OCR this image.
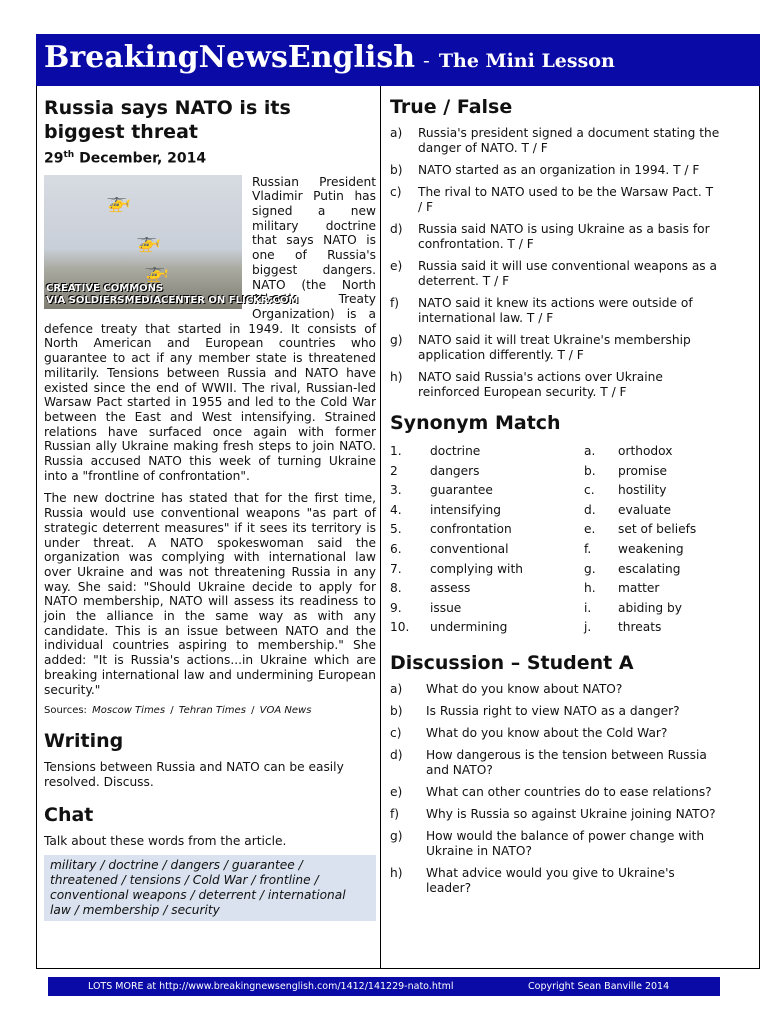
BreakingNewsEnglish - The Mini Lesson
Russia says NATO is its biggest threat
29th December, 2014
🚁
🚁
🚁
CREATIVE COMMONS
VIA SOLDIERSMEDIACENTER ON FLICKR.COM

Russian President Vladimir Putin has signed a new military doctrine that says NATO is one of Russia's biggest dangers. NATO (the North Atlantic Treaty Organization) is a defence treaty that started in 1949. It consists of North American and European countries who guarantee to act if any member state is threatened militarily. Tensions between Russia and NATO have existed since the end of WWII. The rival, Russian-led Warsaw Pact started in 1955 and led to the Cold War between the East and West intensifying. Strained relations have surfaced once again with former Russian ally Ukraine making fresh steps to join NATO. Russia accused NATO this week of turning Ukraine into a "frontline of confrontation".

The new doctrine has stated that for the first time, Russia would use conventional weapons "as part of strategic deterrent measures" if it sees its territory is under threat. A NATO spokeswoman said the organization was complying with international law over Ukraine and was not threatening Russia in any way. She said: "Should Ukraine decide to apply for NATO membership, NATO will assess its readiness to join the alliance in the same way as with any candidate. This is an issue between NATO and the individual countries aspiring to membership." She added: "It is Russia's actions...in Ukraine which are breaking international law and undermining European security."

Sources: Moscow Times / Tehran Times / VOA News

Writing

Tensions between Russia and NATO can be easily resolved. Discuss.

Chat

Talk about these words from the article.

military / doctrine / dangers / guarantee / threatened / tensions / Cold War / frontline / conventional weapons / deterrent / international law / membership / security
True / False
a)	Russia's president signed a document stating the danger of NATO. T / F
b)	NATO started as an organization in 1994. T / F
c)	The rival to NATO used to be the Warsaw Pact. T / F
d)	Russia said NATO is using Ukraine as a basis for confrontation. T / F
e)	Russia said it will use conventional weapons as a deterrent. T / F
f)	NATO said it knew its actions were outside of international law. T / F
g)	NATO said it will treat Ukraine's membership application differently. T / F
h)	NATO said Russia's actions over Ukraine reinforced European security. T / F
Synonym Match
1.	doctrine	a.	orthodox
2	dangers	b.	promise
3.	guarantee	c.	hostility
4.	intensifying	d.	evaluate
5.	confrontation	e.	set of beliefs
6.	conventional	f.	weakening
7.	complying with	g.	escalating
8.	assess	h.	matter
9.	issue	i.	abiding by
10.	undermining	j.	threats
Discussion – Student A
a)	What do you know about NATO?
b)	Is Russia right to view NATO as a danger?
c)	What do you know about the Cold War?
d)	How dangerous is the tension between Russia and NATO?
e)	What can other countries do to ease relations?
f)	Why is Russia so against Ukraine joining NATO?
g)	How would the balance of power change with Ukraine in NATO?
h)	What advice would you give to Ukraine's leader?
LOTS MORE at http://www.breakingnewsenglish.com/1412/141229-nato.html	Copyright Sean Banville 2014
